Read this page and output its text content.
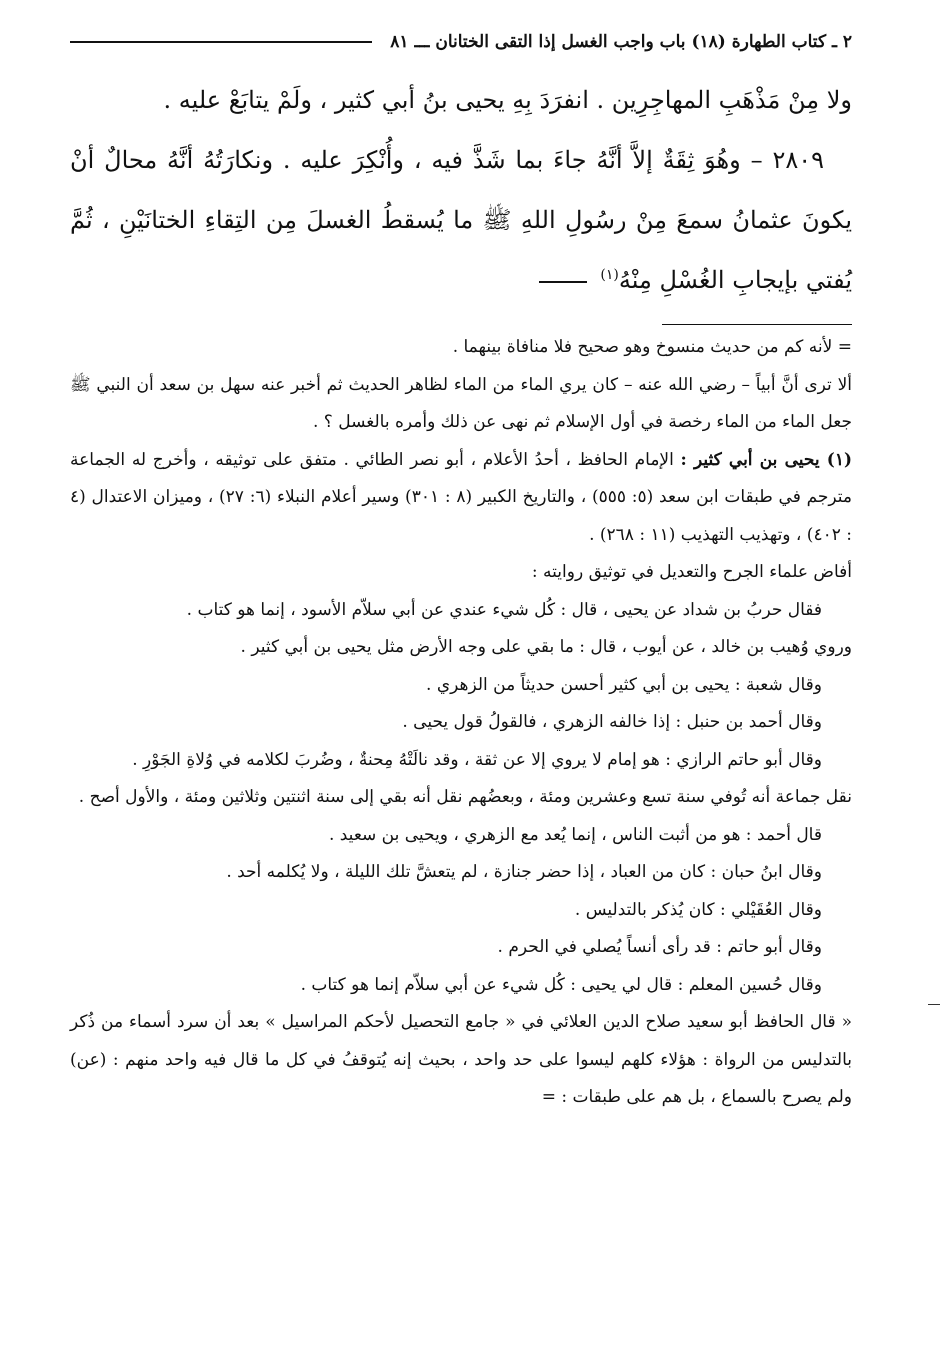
٢ ـ كتاب الطهارة (١٨) باب واجب الغسل إذا التقى الختانان ـــ ٨١

ولا مِنْ مَذْهَبِ المهاجِرِين . انفرَدَ بِهِ يحيى بنُ أبي كثير ، ولَمْ يتابَعْ عليه .

٢٨٠٩ – وهُوَ ثِقَةٌ إلاَّ أنَّهُ جاءَ بما شَذَّ فيه ، وأُنْكِرَ عليه . ونكارَتُهُ أنَّهُ محالٌ أنْ يكونَ عثمانُ سمعَ مِنْ رسُولِ اللهِ ﷺ ما يُسقطُ الغسلَ مِن التِقاءِ الختانَيْنِ ، ثُمَّ يُفتي بإيجابِ الغُسْلِ مِنْهُ$^{(١)}$

= لأنه كم من حديث منسوخ وهو صحيح فلا منافاة بينهما .

ألا ترى أنَّ أبياً – رضي الله عنه – كان يري الماء من الماء لظاهر الحديث ثم أخبر عنه سهل بن سعد أن النبي ﷺ جعل الماء من الماء رخصة في أول الإسلام ثم نهى عن ذلك وأمره بالغسل ؟ .

(١) يحيى بن أبي كثير : الإمام الحافظ ، أحدُ الأعلام ، أبو نصر الطائي . متفق على توثيقه ، وأخرج له الجماعة مترجم في طبقات ابن سعد (٥: ٥٥٥) ، والتاريخ الكبير (٨ : ٣٠١) وسير أعلام النبلاء (٦: ٢٧) ، وميزان الاعتدال (٤ : ٤٠٢) ، وتهذيب التهذيب (١١ : ٢٦٨) .

أفاض علماء الجرح والتعديل في توثيق روايته :

فقال حربُ بن شداد عن يحيى ، قال : كُل شيء عندي عن أبي سلاّم الأسود ، إنما هو كتاب .

وروي وُهيب بن خالد ، عن أيوب ، قال : ما بقي على وجه الأرض مثل يحيى بن أبي كثير .

وقال شعبة : يحيى بن أبي كثير أحسن حديثاً من الزهري .

وقال أحمد بن حنبل : إذا خالفه الزهري ، فالقولُ قول يحيى .

وقال أبو حاتم الرازي : هو إمام لا يروي إلا عن ثقة ، وقد نالَتْهُ مِحنةٌ ، وضُربَ لكلامه في وُلاةِ الجَوْرِ .

نقل جماعة أنه تُوفي سنة تسع وعشرين ومئة ، وبعضُهم نقل أنه بقي إلى سنة اثنتين وثلاثين ومئة ، والأول أصح .

قال أحمد : هو من أثبت الناس ، إنما يُعد مع الزهري ، ويحيى بن سعيد .

وقال ابنُ حبان : كان من العباد ، إذا حضر جنازة ، لم يتعشَّ تلك الليلة ، ولا يُكلمه أحد .

وقال العُقَيْلي : كان يُذكر بالتدليس .

وقال أبو حاتم : قد رأى أنساً يُصلي في الحرم .

وقال حُسين المعلم : قال لي يحيى : كُل شيء عن أبي سلاّم إنما هو كتاب .

« قال الحافظ أبو سعيد صلاح الدين العلائي في « جامع التحصيل لأحكم المراسيل » بعد أن سرد أسماء من ذُكر بالتدليس من الرواة : هؤلاء كلهم ليسوا على حد واحد ، بحيث إنه يُتوقفُ في كل ما قال فيه واحد منهم : (عن) ولم يصرح بالسماع ، بل هم على طبقات : =
